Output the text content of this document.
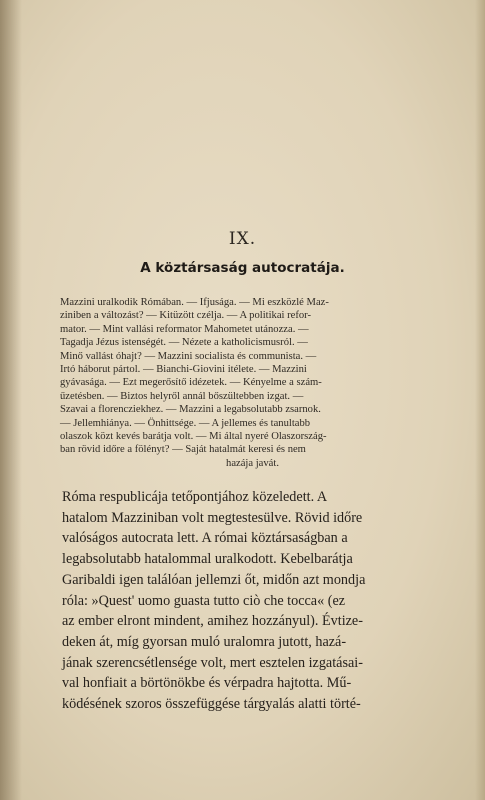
IX.
A köztársaság autocratája.
Mazzini uralkodik Rómában. — Ifjusága. — Mi eszközlé Maz-
ziniben a változást? — Kitüzött czélja. — A politikai refor-
mator. — Mint vallási reformator Mahometet utánozza. —
Tagadja Jézus istenségét. — Nézete a katholicismusról. —
Minő vallást óhajt? — Mazzini socialista és communista. —
Irtó háborut pártol. — Bianchi-Giovini itélete. — Mazzini
gyávasága. — Ezt megerősítő idézetek. — Kényelme a szám-
űzetésben. — Biztos helyről annál bőszültebben izgat. —
Szavai a florencziekhez. — Mazzini a legabsolutabb zsarnok.
— Jellemhiánya. — Önhittsége. — A jellemes és tanultabb
olaszok közt kevés barátja volt. — Mi által nyeré Olaszország-
ban rövid időre a fölényt? — Saját hatalmát keresi és nem
hazája javát.
Róma respublicája tetőpontjához közeledett. A
hatalom Mazziniban volt megtestesülve. Rövid időre
valóságos autocrata lett. A római köztársaságban a
legabsolutabb hatalommal uralkodott. Kebelbarátja
Garibaldi igen találóan jellemzi őt, midőn azt mondja
róla: »Quest' uomo guasta tutto ciò che tocca« (ez
az ember elront mindent, amihez hozzányul). Évtize-
deken át, míg gyorsan muló uralomra jutott, hazá-
jának szerencsétlensége volt, mert esztelen izgatásai-
val honfiait a börtönökbe és vérpadra hajtotta. Mű-
ködésének szoros összefüggése tárgyalás alatti törté-
